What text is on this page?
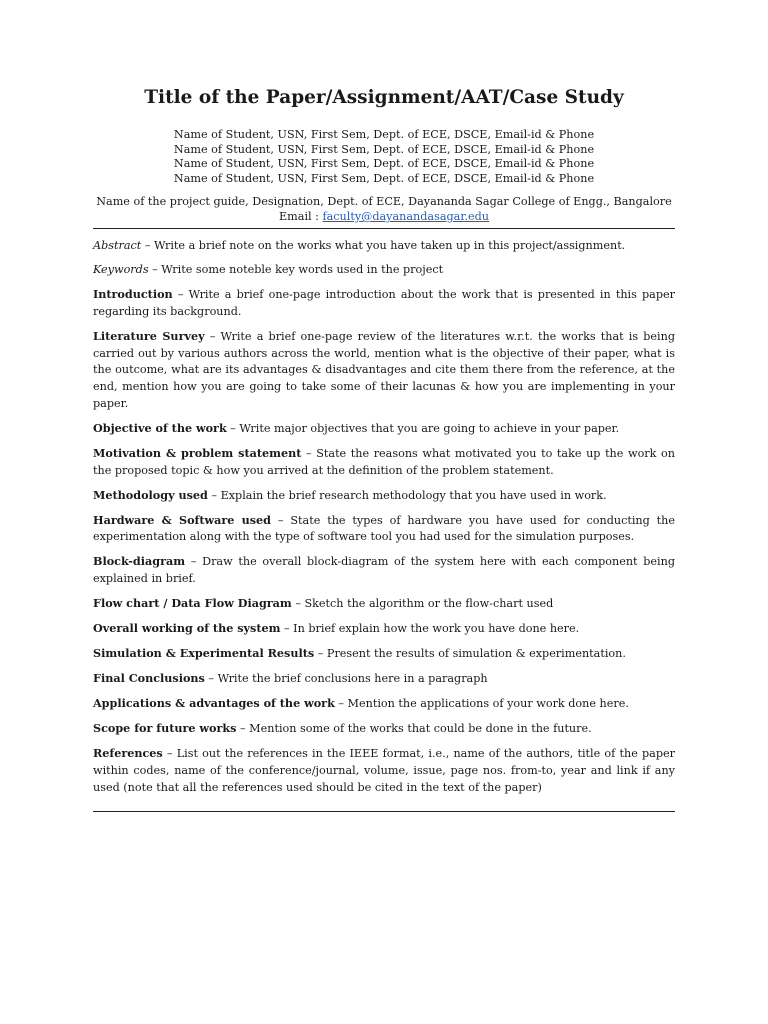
Title of the Paper/Assignment/AAT/Case Study
Name of Student, USN, First Sem, Dept. of ECE, DSCE, Email-id & Phone
Name of Student, USN, First Sem, Dept. of ECE, DSCE, Email-id & Phone
Name of Student, USN, First Sem, Dept. of ECE, DSCE, Email-id & Phone
Name of Student, USN, First Sem, Dept. of ECE, DSCE, Email-id & Phone
Name of the project guide, Designation, Dept. of ECE, Dayananda Sagar College of Engg., Bangalore
Email : faculty@dayanandasagar.edu

Abstract – Write a brief note on the works what you have taken up in this project/assignment.

Keywords – Write some noteble key words used in the project

Introduction – Write a brief one-page introduction about the work that is presented in this paper regarding its background.

Literature Survey – Write a brief one-page review of the literatures w.r.t. the works that is being carried out by various authors across the world, mention what is the objective of their paper, what is the outcome, what are its advantages & disadvantages and cite them there from the reference, at the end, mention how you are going to take some of their lacunas & how you are implementing in your paper.

Objective of the work – Write major objectives that you are going to achieve in your paper.

Motivation & problem statement – State the reasons what motivated you to take up the work on the proposed topic & how you arrived at the definition of the problem statement.

Methodology used – Explain the brief research methodology that you have used in work.

Hardware & Software used – State the types of hardware you have used for conducting the experimentation along with the type of software tool you had used for the simulation purposes.

Block-diagram – Draw the overall block-diagram of the system here with each component being explained in brief.

Flow chart / Data Flow Diagram – Sketch the algorithm or the flow-chart used

Overall working of the system – In brief explain how the work you have done here.

Simulation & Experimental Results – Present the results of simulation & experimentation.

Final Conclusions – Write the brief conclusions here in a paragraph

Applications & advantages of the work – Mention the applications of your work done here.

Scope for future works – Mention some of the works that could be done in the future.

References – List out the references in the IEEE format, i.e., name of the authors, title of the paper within codes, name of the conference/journal, volume, issue, page nos. from-to, year and link if any used (note that all the references used should be cited in the text of the paper)
